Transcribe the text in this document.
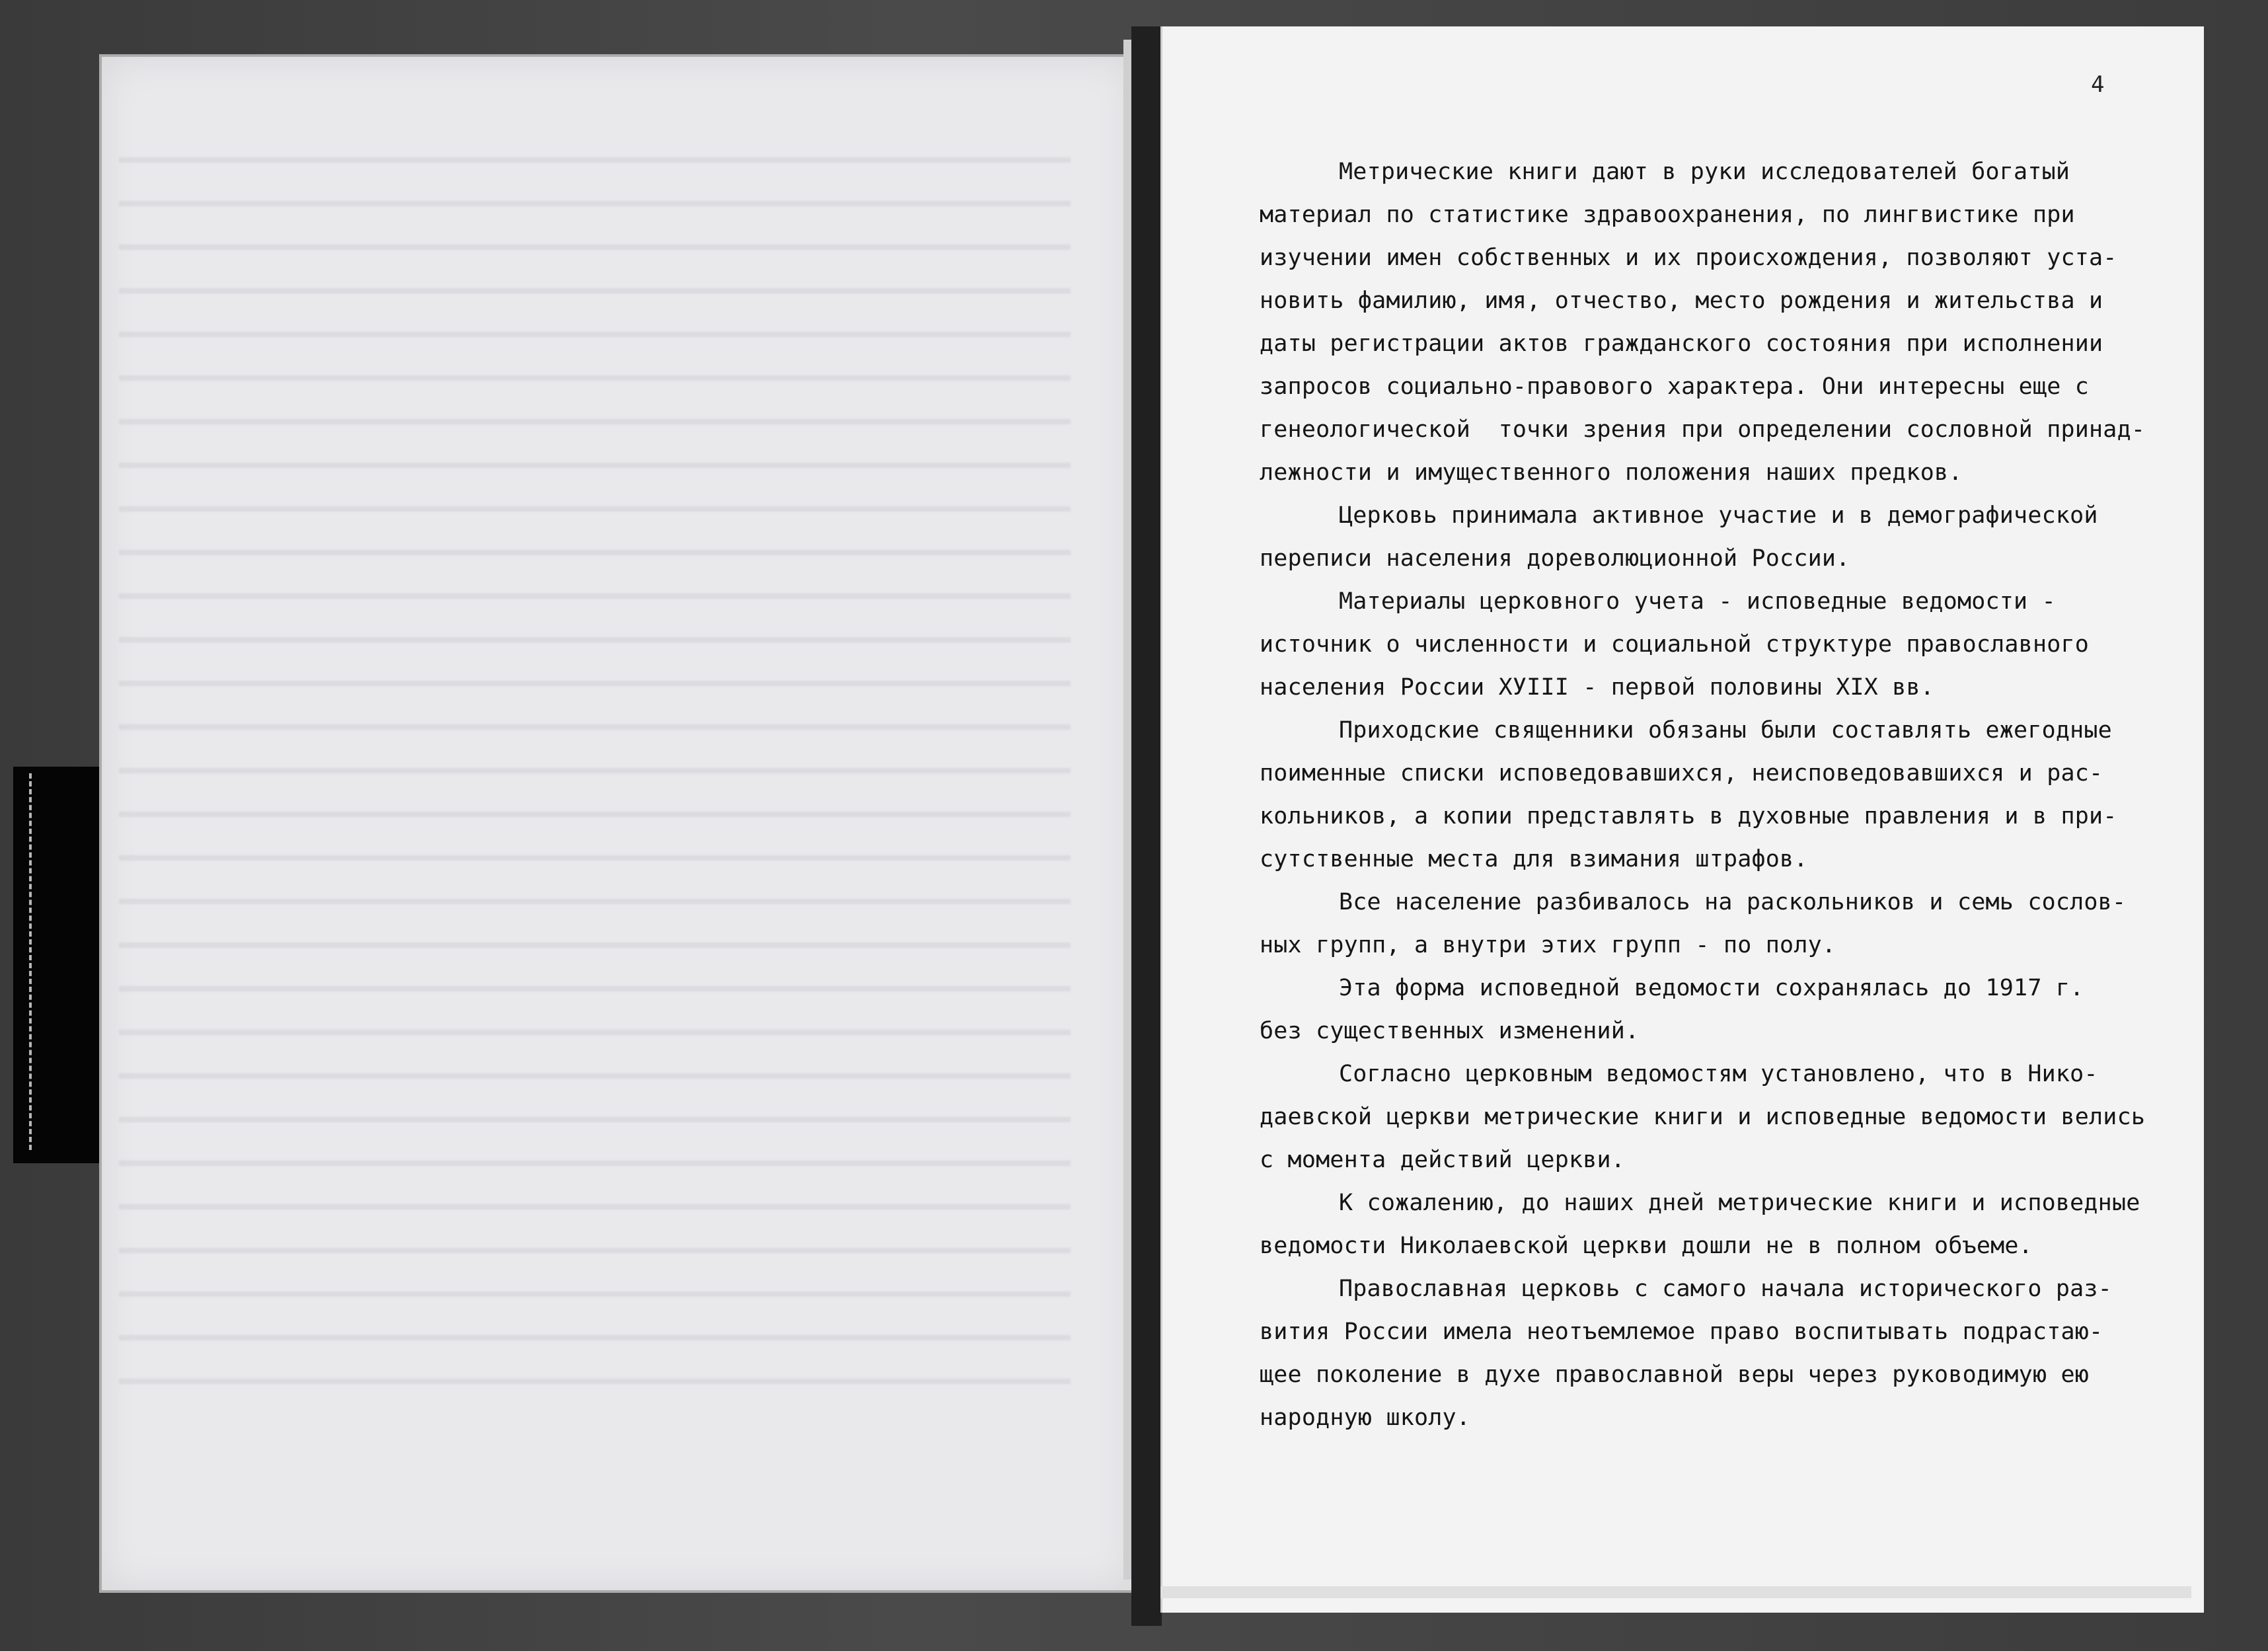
4
Метрические книги дают в руки исследователей богатый
материал по статистике здравоохранения, по лингвистике при
изучении имен собственных и их происхождения, позволяют уста-
новить фамилию, имя, отчество, место рождения и жительства и
даты регистрации актов гражданского состояния при исполнении
запросов социально-правового характера. Они интересны еще с
генеологической  точки зрения при определении сословной принад-
лежности и имущественного положения наших предков.
Церковь принимала активное участие и в демографической
переписи населения дореволюционной России.
Материалы церковного учета - исповедные ведомости -
источник о численности и социальной структуре православного
населения России ХУIII - первой половины XIX вв.
Приходские священники обязаны были составлять ежегодные
поименные списки исповедовавшихся, неисповедовавшихся и рас-
кольников, а копии представлять в духовные правления и в при-
сутственные места для взимания штрафов.
Все население разбивалось на раскольников и семь сослов-
ных групп, а внутри этих групп - по полу.
Эта форма исповедной ведомости сохранялась до 1917 г.
без существенных изменений.
Согласно церковным ведомостям установлено, что в Нико-
даевской церкви метрические книги и исповедные ведомости велись
с момента действий церкви.
К сожалению, до наших дней метрические книги и исповедные
ведомости Николаевской церкви дошли не в полном объеме.
Православная церковь с самого начала исторического раз-
вития России имела неотъемлемое право воспитывать подрастаю-
щее поколение в духе православной веры через руководимую ею
народную школу.
